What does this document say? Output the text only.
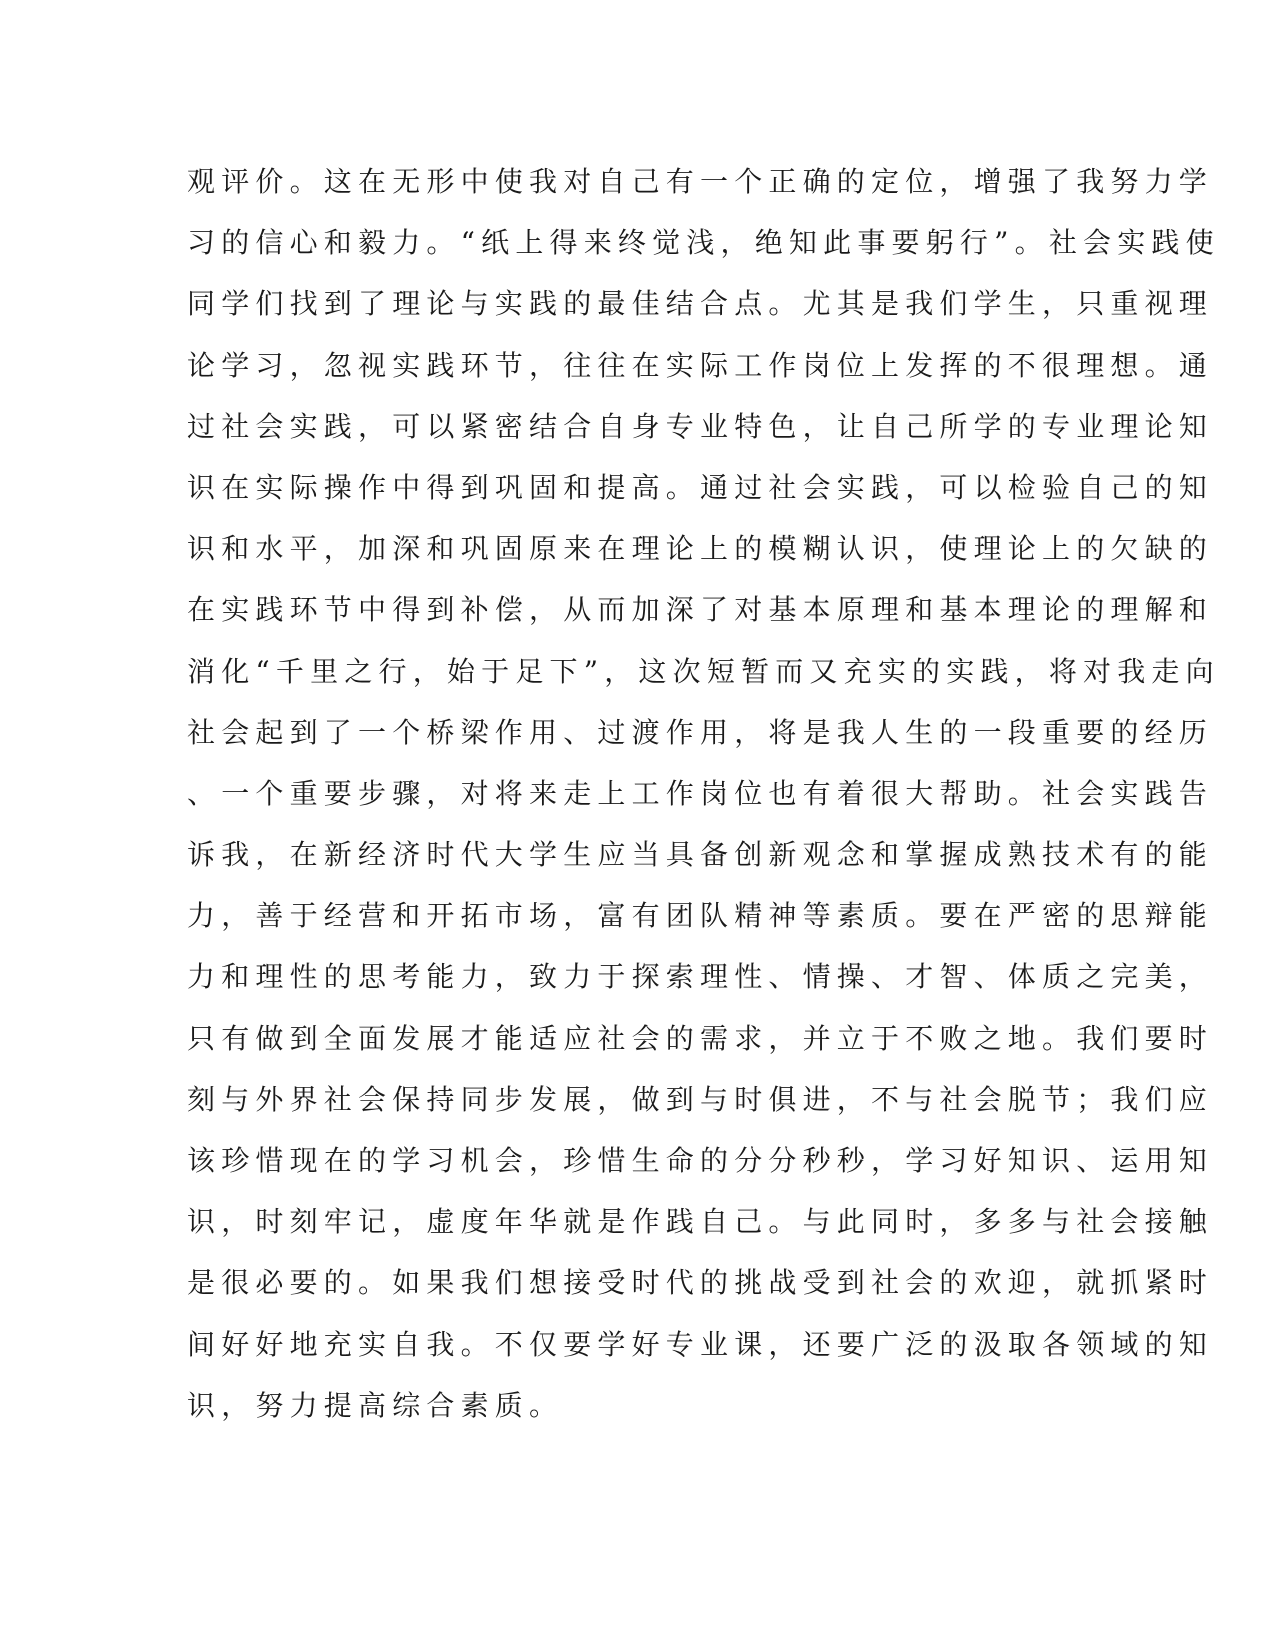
观评价。这在无形中使我对自己有一个正确的定位，增强了我努力学
习的信心和毅力。“纸上得来终觉浅，绝知此事要躬行”。社会实践使
同学们找到了理论与实践的最佳结合点。尤其是我们学生，只重视理
论学习，忽视实践环节，往往在实际工作岗位上发挥的不很理想。通
过社会实践，可以紧密结合自身专业特色，让自己所学的专业理论知
识在实际操作中得到巩固和提高。通过社会实践，可以检验自己的知
识和水平，加深和巩固原来在理论上的模糊认识，使理论上的欠缺的
在实践环节中得到补偿，从而加深了对基本原理和基本理论的理解和
消化“千里之行，始于足下”，这次短暂而又充实的实践，将对我走向
社会起到了一个桥梁作用、过渡作用，将是我人生的一段重要的经历
、一个重要步骤，对将来走上工作岗位也有着很大帮助。社会实践告
诉我，在新经济时代大学生应当具备创新观念和掌握成熟技术有的能
力，善于经营和开拓市场，富有团队精神等素质。要在严密的思辩能
力和理性的思考能力，致力于探索理性、情操、才智、体质之完美，
只有做到全面发展才能适应社会的需求，并立于不败之地。我们要时
刻与外界社会保持同步发展，做到与时俱进，不与社会脱节；我们应
该珍惜现在的学习机会，珍惜生命的分分秒秒，学习好知识、运用知
识，时刻牢记，虚度年华就是作践自己。与此同时，多多与社会接触
是很必要的。如果我们想接受时代的挑战受到社会的欢迎，就抓紧时
间好好地充实自我。不仅要学好专业课，还要广泛的汲取各领域的知
识，努力提高综合素质。
